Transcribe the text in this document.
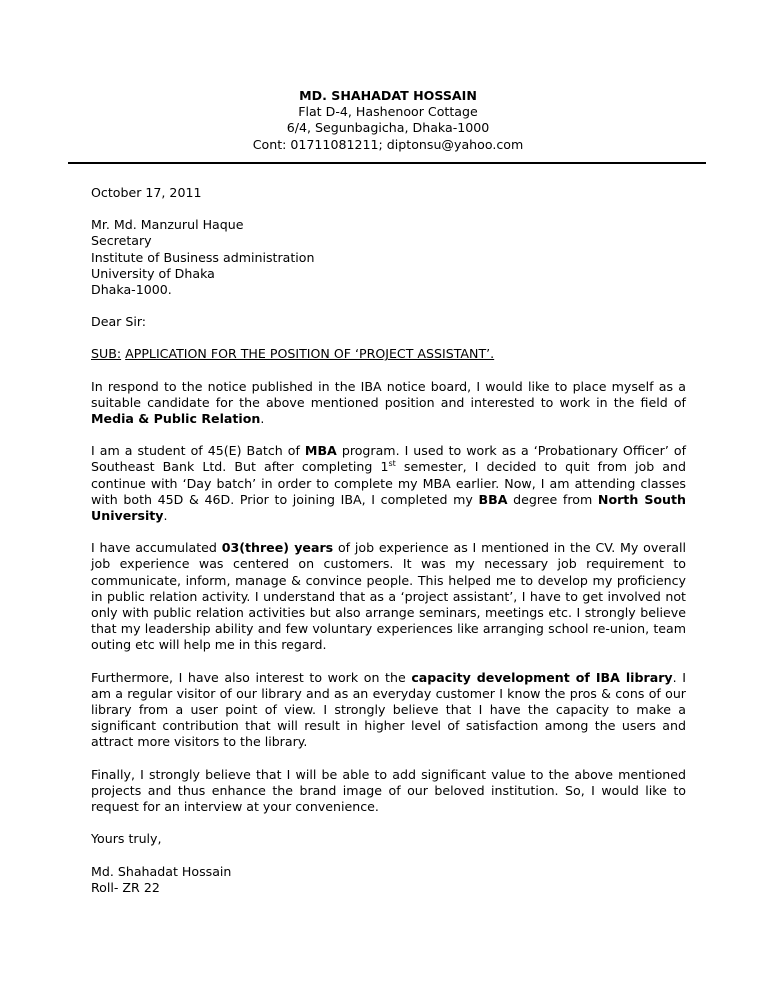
MD. SHAHADAT HOSSAIN
Flat D-4, Hashenoor Cottage
6/4, Segunbagicha, Dhaka-1000
Cont: 01711081211; diptonsu@yahoo.com

October 17, 2011

Mr. Md. Manzurul Haque

Secretary

Institute of Business administration

University of Dhaka

Dhaka-1000.

Dear Sir:

SUB: APPLICATION FOR THE POSITION OF ‘PROJECT ASSISTANT’.

In respond to the notice published in the IBA notice board, I would like to place myself as a suitable candidate for the above mentioned position and interested to work in the field of Media & Public Relation.

I am a student of 45(E) Batch of MBA program. I used to work as a ‘Probationary Officer’ of Southeast Bank Ltd. But after completing 1st semester, I decided to quit from job and continue with ‘Day batch’ in order to complete my MBA earlier. Now, I am attending classes with both 45D & 46D. Prior to joining IBA, I completed my BBA degree from North South University.

I have accumulated 03(three) years of job experience as I mentioned in the CV. My overall job experience was centered on customers. It was my necessary job requirement to communicate, inform, manage & convince people. This helped me to develop my proficiency in public relation activity. I understand that as a ‘project assistant’, I have to get involved not only with public relation activities but also arrange seminars, meetings etc. I strongly believe that my leadership ability and few voluntary experiences like arranging school re-union, team outing etc will help me in this regard.

Furthermore, I have also interest to work on the capacity development of IBA library. I am a regular visitor of our library and as an everyday customer I know the pros & cons of our library from a user point of view. I strongly believe that I have the capacity to make a significant contribution that will result in higher level of satisfaction among the users and attract more visitors to the library.

Finally, I strongly believe that I will be able to add significant value to the above mentioned projects and thus enhance the brand image of our beloved institution. So, I would like to request for an interview at your convenience.

Yours truly,

Md. Shahadat Hossain

Roll- ZR 22
